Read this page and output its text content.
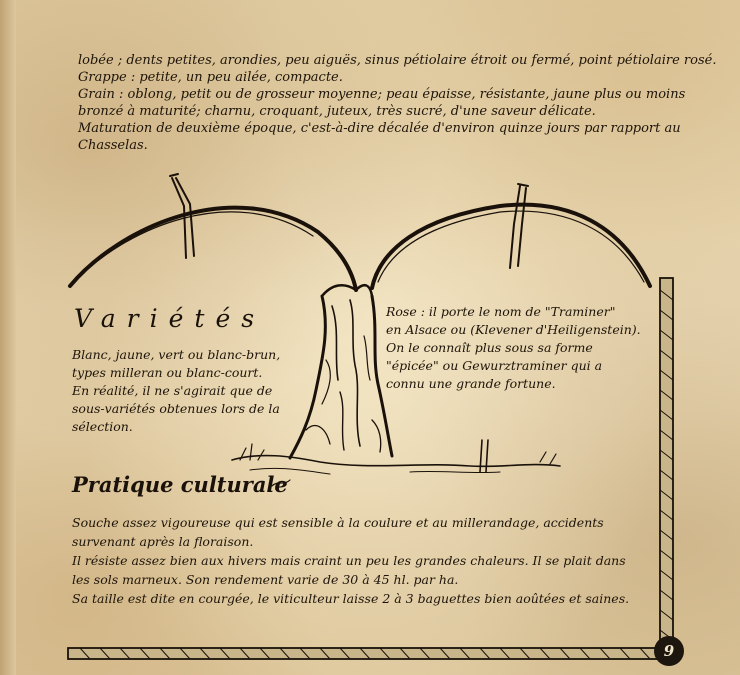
lobée ; dents petites, arondies, peu aiguës, sinus pétiolaire étroit ou fermé, point pétiolaire rosé.
Grappe : petite, un peu ailée, compacte.
Grain : oblong, petit ou de grosseur moyenne; peau épaisse, résistante, jaune plus ou moins
bronzé à maturité; charnu, croquant, juteux, très sucré, d'une saveur délicate.
Maturation de deuxième époque, c'est-à-dire décalée d'environ quinze jours par rapport au
Chasselas.
Variétés
Blanc, jaune, vert ou blanc-brun,
types milleran ou blanc-court.
En réalité, il ne s'agirait que de
sous-variétés obtenues lors de la
sélection.
Rose : il porte le nom de "Traminer"
en Alsace ou (Klevener d'Heiligenstein).
On le connaît plus sous sa forme
"épicée" ou Gewurztraminer qui a
connu une grande fortune.
Pratique culturale
Souche assez vigoureuse qui est sensible à la coulure et au millerandage, accidents
survenant après la floraison.
Il résiste assez bien aux hivers mais craint un peu les grandes chaleurs. Il se plait dans
les sols marneux. Son rendement varie de 30 à 45 hl. par ha.
Sa taille est dite en courgée, le viticulteur laisse 2 à 3 baguettes bien aoûtées et saines.
9
